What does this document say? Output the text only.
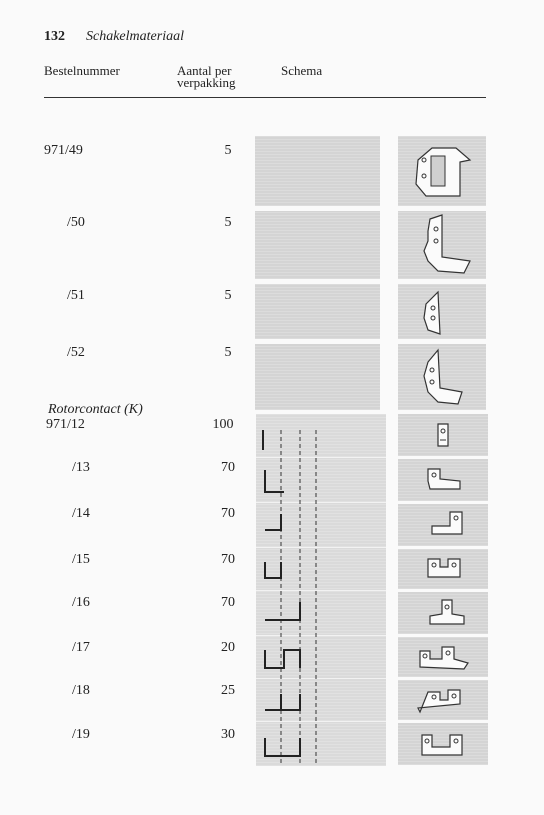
132 Schakelmateriaal
Bestelnummer	Aantal per
verpakking
Schema
971/49	5
/50	5
/51	5
/52	5
Rotorcontact (K)
971/12	100
/13	70
/14	70
/15	70
/16	70
/17	20
/18	25
/19	30
